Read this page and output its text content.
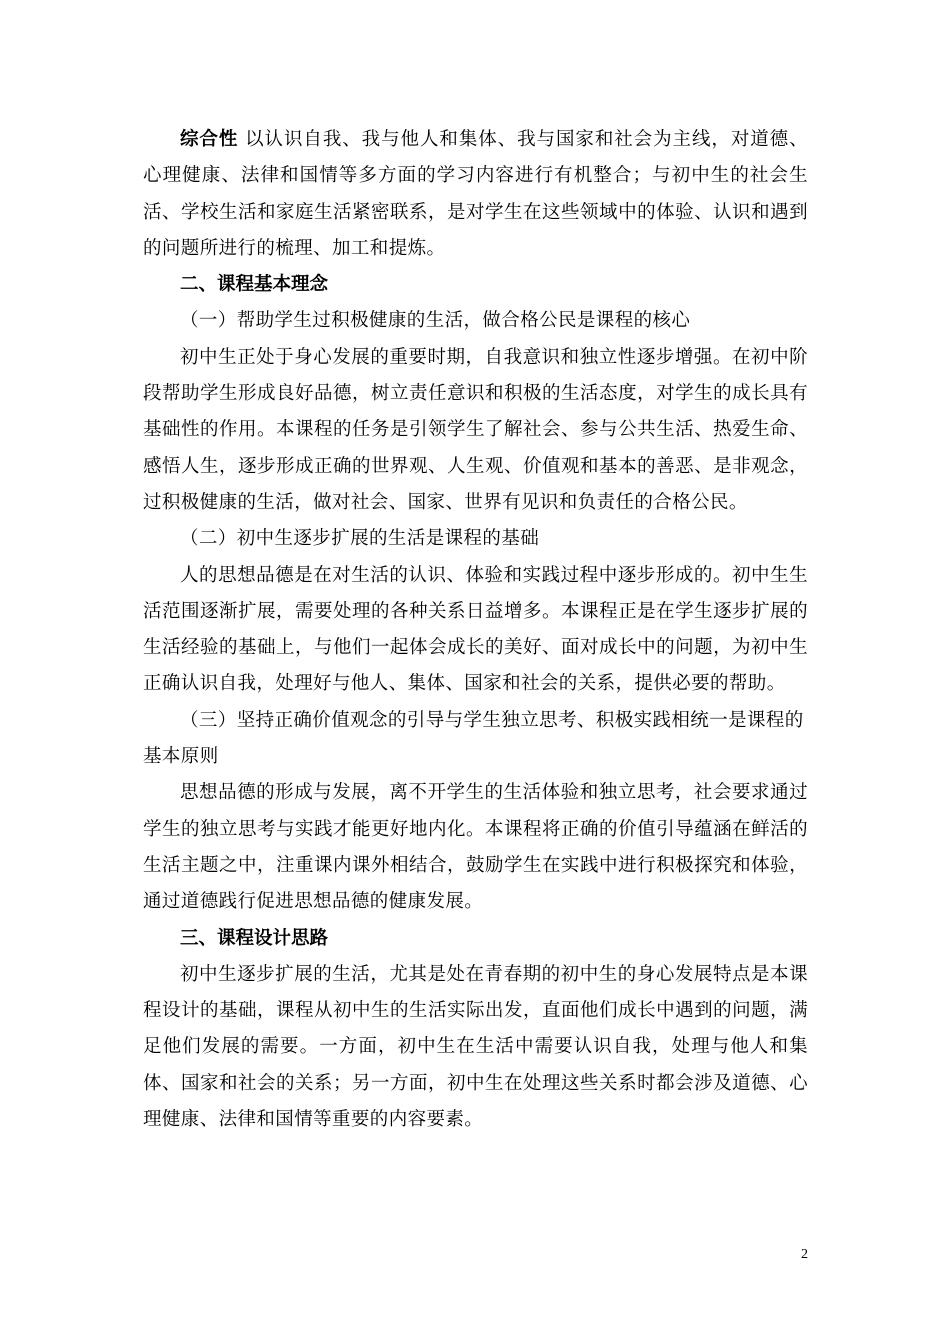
综合性 以认识自我、我与他人和集体、我与国家和社会为主线，对道德、心理健康、法律和国情等多方面的学习内容进行有机整合；与初中生的社会生活、学校生活和家庭生活紧密联系，是对学生在这些领域中的体验、认识和遇到的问题所进行的梳理、加工和提炼。

二、课程基本理念

（一）帮助学生过积极健康的生活，做合格公民是课程的核心

初中生正处于身心发展的重要时期，自我意识和独立性逐步增强。在初中阶段帮助学生形成良好品德，树立责任意识和积极的生活态度，对学生的成长具有基础性的作用。本课程的任务是引领学生了解社会、参与公共生活、热爱生命、感悟人生，逐步形成正确的世界观、人生观、价值观和基本的善恶、是非观念，过积极健康的生活，做对社会、国家、世界有见识和负责任的合格公民。

（二）初中生逐步扩展的生活是课程的基础

人的思想品德是在对生活的认识、体验和实践过程中逐步形成的。初中生生活范围逐渐扩展，需要处理的各种关系日益增多。本课程正是在学生逐步扩展的生活经验的基础上，与他们一起体会成长的美好、面对成长中的问题，为初中生正确认识自我，处理好与他人、集体、国家和社会的关系，提供必要的帮助。

（三）坚持正确价值观念的引导与学生独立思考、积极实践相统一是课程的基本原则

思想品德的形成与发展，离不开学生的生活体验和独立思考，社会要求通过学生的独立思考与实践才能更好地内化。本课程将正确的价值引导蕴涵在鲜活的生活主题之中，注重课内课外相结合，鼓励学生在实践中进行积极探究和体验，通过道德践行促进思想品德的健康发展。

三、课程设计思路

初中生逐步扩展的生活，尤其是处在青春期的初中生的身心发展特点是本课程设计的基础，课程从初中生的生活实际出发，直面他们成长中遇到的问题，满足他们发展的需要。一方面，初中生在生活中需要认识自我，处理与他人和集体、国家和社会的关系；另一方面，初中生在处理这些关系时都会涉及道德、心理健康、法律和国情等重要的内容要素。

2
